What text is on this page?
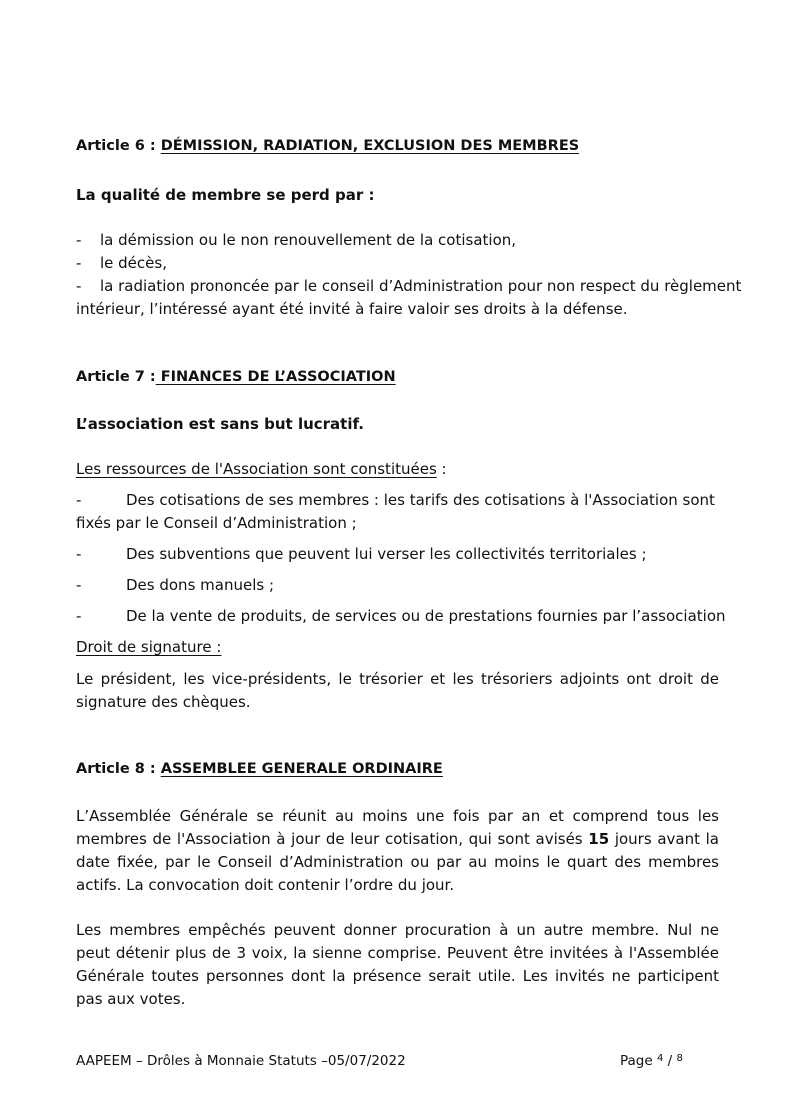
Article 6 : DÉMISSION, RADIATION, EXCLUSION DES MEMBRES
La qualité de membre se perd par :
- la démission ou le non renouvellement de la cotisation,
- le décès,
- la radiation prononcée par le conseil d’Administration pour non respect du règlement
intérieur, l’intéressé ayant été invité à faire valoir ses droits à la défense.
Article 7 : FINANCES DE L’ASSOCIATION
L’association est sans but lucratif.
Les ressources de l'Association sont constituées :
-	Des cotisations de ses membres : les tarifs des cotisations à l'Association sont
fixés par le Conseil d’Administration ;
-	Des subventions que peuvent lui verser les collectivités territoriales ;
-	Des dons manuels ;
-	De la vente de produits, de services ou de prestations fournies par l’association
Droit de signature :
Le président, les vice-présidents, le trésorier et les trésoriers adjoints ont droit de signature des chèques.
Article 8 : ASSEMBLEE GENERALE ORDINAIRE
L’Assemblée Générale se réunit au moins une fois par an et comprend tous les membres de l'Association à jour de leur cotisation, qui sont avisés 15 jours avant la date fixée, par le Conseil d’Administration ou par au moins le quart des membres actifs. La convocation doit contenir l’ordre du jour.
Les membres empêchés peuvent donner procuration à un autre membre. Nul ne peut détenir plus de 3 voix, la sienne comprise. Peuvent être invitées à l'Assemblée Générale toutes personnes dont la présence serait utile. Les invités ne participent pas aux votes.
AAPEEM – Drôles à Monnaie Statuts –05/07/2022	Page $^4$ / $^8$
